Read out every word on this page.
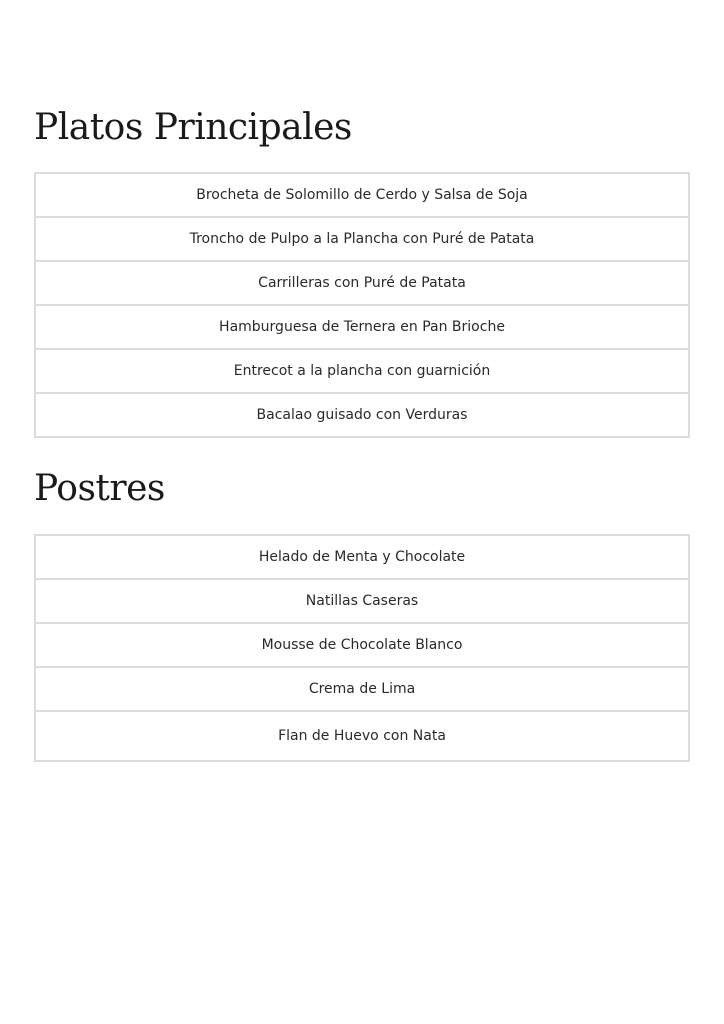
Platos Principales
Brocheta de Solomillo de Cerdo y Salsa de Soja
Troncho de Pulpo a la Plancha con Puré de Patata
Carrilleras con Puré de Patata
Hamburguesa de Ternera en Pan Brioche
Entrecot a la plancha con guarnición
Bacalao guisado con Verduras
Postres
Helado de Menta y Chocolate
Natillas Caseras
Mousse de Chocolate Blanco
Crema de Lima
Flan de Huevo con Nata
